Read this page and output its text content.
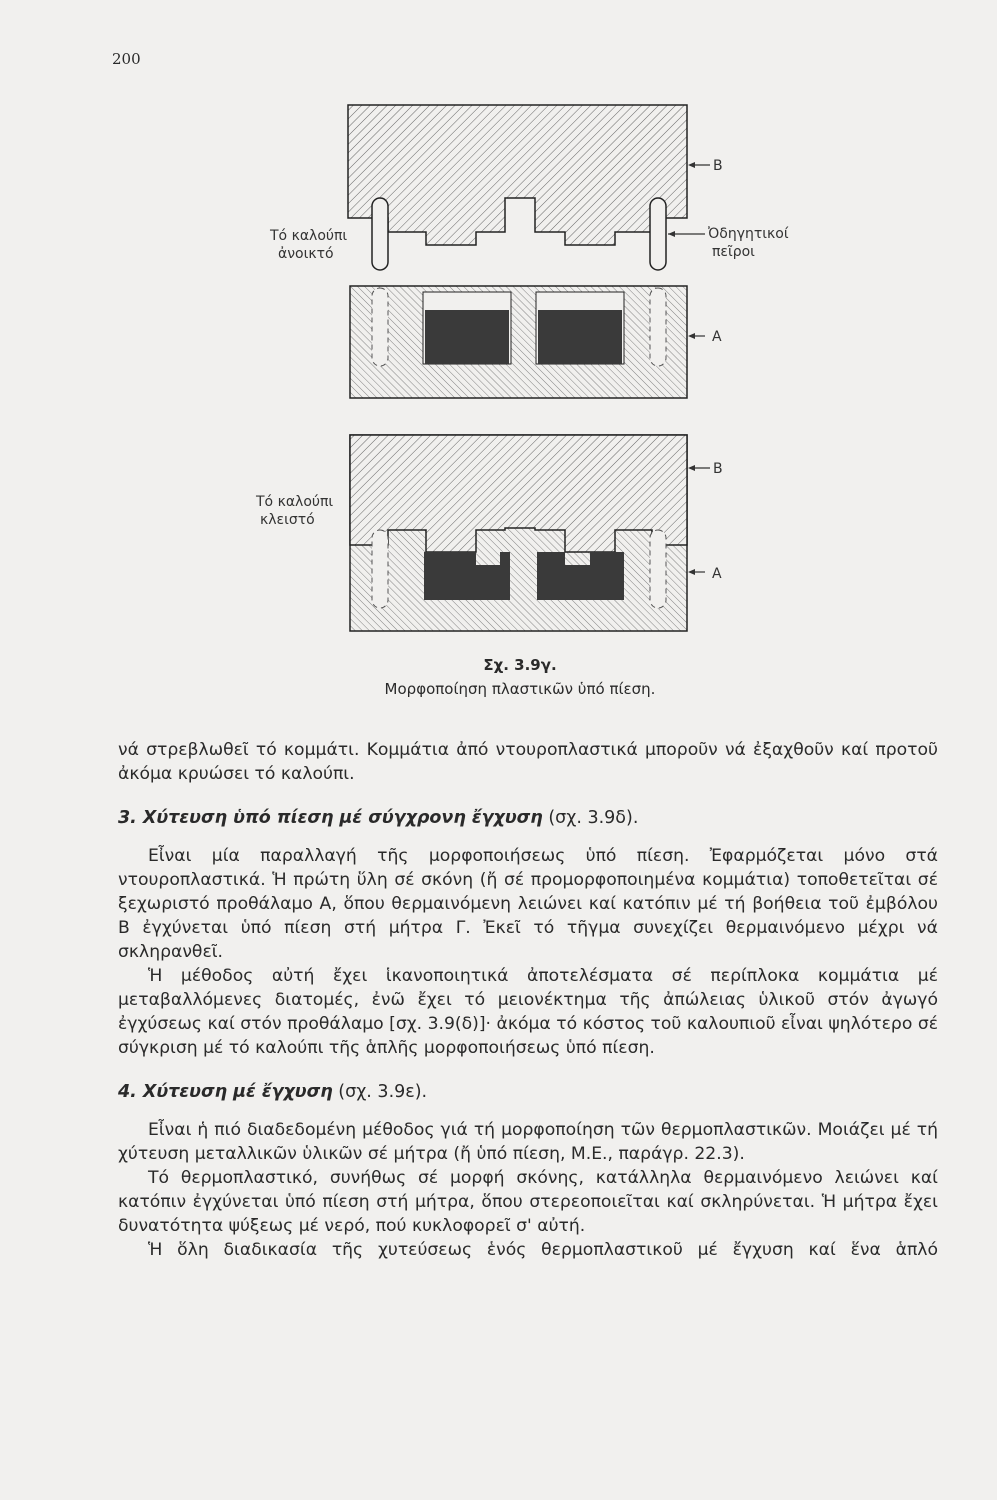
200
B
Ὀδηγητικοί
πεῖροι
A
B
A
Τό καλούπι
ἀνοικτό
Τό καλούπι
κλειστό
Σχ. 3.9γ.
Μορφοποίηση πλαστικῶν ὑπό πίεση.

νά στρεβλωθεῖ τό κομμάτι. Κομμάτια ἀπό ντουροπλαστικά μποροῦν νά ἐξαχθοῦν καί προτοῦ ἀκόμα κρυώσει τό καλούπι.

3. Χύτευση ὑπό πίεση μέ σύγχρονη ἔγχυση (σχ. 3.9δ).

Εἶναι μία παραλλαγή τῆς μορφοποιήσεως ὑπό πίεση. Ἐφαρμόζεται μόνο στά ντουροπλαστικά. Ἡ πρώτη ὕλη σέ σκόνη (ἤ σέ προμορφοποιημένα κομμάτια) τοποθετεῖται σέ ξεχωριστό προθάλαμο Α, ὅπου θερμαινόμενη λειώνει καί κατόπιν μέ τή βοήθεια τοῦ ἐμβόλου Β ἐγχύνεται ὑπό πίεση στή μήτρα Γ. Ἐκεῖ τό τῆγμα συνεχίζει θερμαινόμενο μέχρι νά σκληρανθεῖ.

Ἡ μέθοδος αὐτή ἔχει ἱκανοποιητικά ἀποτελέσματα σέ περίπλοκα κομμάτια μέ μεταβαλλόμενες διατομές, ἐνῶ ἔχει τό μειονέκτημα τῆς ἀπώλειας ὑλικοῦ στόν ἀγωγό ἐγχύσεως καί στόν προθάλαμο [σχ. 3.9(δ)]· ἀκόμα τό κόστος τοῦ καλουπιοῦ εἶναι ψηλότερο σέ σύγκριση μέ τό καλούπι τῆς ἁπλῆς μορφοποιήσεως ὑπό πίεση.

4. Χύτευση μέ ἔγχυση (σχ. 3.9ε).

Εἶναι ἡ πιό διαδεδομένη μέθοδος γιά τή μορφοποίηση τῶν θερμοπλαστικῶν. Μοιάζει μέ τή χύτευση μεταλλικῶν ὑλικῶν σέ μήτρα (ἤ ὑπό πίεση, Μ.Ε., παράγρ. 22.3).

Τό θερμοπλαστικό, συνήθως σέ μορφή σκόνης, κατάλληλα θερμαινόμενο λειώνει καί κατόπιν ἐγχύνεται ὑπό πίεση στή μήτρα, ὅπου στερεοποιεῖται καί σκληρύνεται. Ἡ μήτρα ἔχει δυνατότητα ψύξεως μέ νερό, πού κυκλοφορεῖ σ' αὐτή.

Ἡ ὅλη διαδικασία τῆς χυτεύσεως ἑνός θερμοπλαστικοῦ μέ ἔγχυση καί ἕνα ἁπλό
